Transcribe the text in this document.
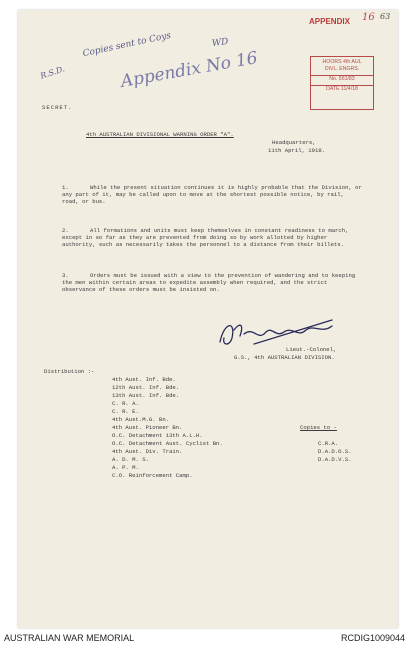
APPENDIX 16 63
R.S.D.
Copies sent to Coys	WD
Appendix No 16	HOORS 4th AUL
DIVL. ENGRS.
No. 561/83
DATE 11/4/18
SECRET.
4th AUSTRALIAN DIVISIONAL WARNING ORDER "A".
Headquarters,
11th April, 1918.
1.	While the present situation continues it is highly probable that the Division, or any part of it, may be called upon to move at the shortest possible notice, by rail, road, or bus.
2.	All formations and units must keep themselves in constant readiness to march, except in so far as they are prevented from doing so by work allotted by higher authority, such as necessarily takes the personnel to a distance from their billets.
3.	Orders must be issued with a view to the prevention of wandering and to keeping the men within certain areas to expedite assembly when required, and the strict observance of these orders must be insisted on.
Lieut.-Colonel,
G.S., 4th AUSTRALIAN DIVISION.
Distribution :-
4th Aust. Inf. Bde.
12th Aust. Inf. Bde.
13th Aust. Inf. Bde.
C. R. A.
C. R. E.
4th Aust.M.G. Bn.
4th Aust. Pioneer Bn.
O.C. Detachment 13th A.L.H.
O.C. Detachment Aust. Cyclist Bn.
4th Aust. Div. Train.
A. D. M. S.
A. P. M.
C.O. Reinforcement Camp.
Copies to -
C.R.A.
D.A.D.O.S.
D.A.D.V.S.
AUSTRALIAN WAR MEMORIAL	RCDIG1009044
